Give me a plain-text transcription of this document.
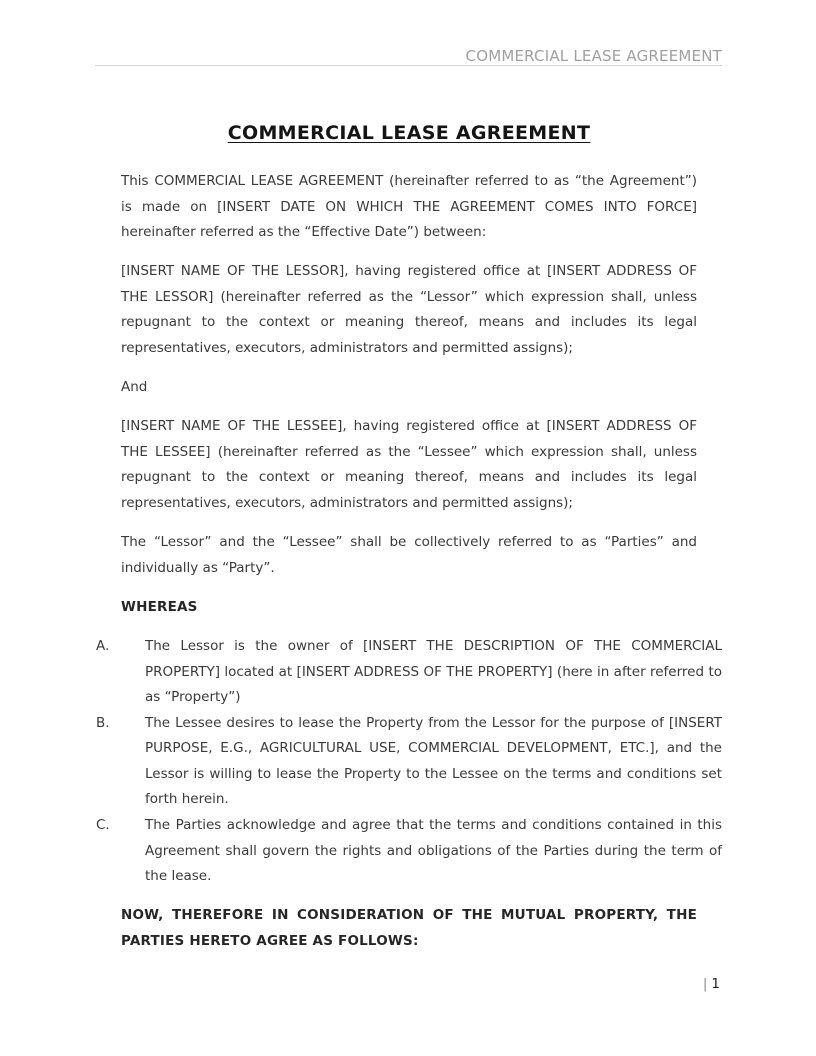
COMMERCIAL LEASE AGREEMENT
COMMERCIAL LEASE AGREEMENT

This COMMERCIAL LEASE AGREEMENT (hereinafter referred to as “the Agreement”) is made on [INSERT DATE ON WHICH THE AGREEMENT COMES INTO FORCE] hereinafter referred as the “Effective Date”) between:

[INSERT NAME OF THE LESSOR], having registered office at [INSERT ADDRESS OF THE LESSOR] (hereinafter referred as the “Lessor” which expression shall, unless repugnant to the context or meaning thereof, means and includes its legal representatives, executors, administrators and permitted assigns);

And

[INSERT NAME OF THE LESSEE], having registered office at [INSERT ADDRESS OF THE LESSEE] (hereinafter referred as the “Lessee” which expression shall, unless repugnant to the context or meaning thereof, means and includes its legal representatives, executors, administrators and permitted assigns);

The “Lessor” and the “Lessee” shall be collectively referred to as “Parties” and individually as “Party”.

WHEREAS

A.	The Lessor is the owner of [INSERT THE DESCRIPTION OF THE COMMERCIAL PROPERTY] located at [INSERT ADDRESS OF THE PROPERTY] (here in after referred to as “Property”)
B.	The Lessee desires to lease the Property from the Lessor for the purpose of [INSERT PURPOSE, E.G., AGRICULTURAL USE, COMMERCIAL DEVELOPMENT, ETC.], and the Lessor is willing to lease the Property to the Lessee on the terms and conditions set forth herein.
C.	The Parties acknowledge and agree that the terms and conditions contained in this Agreement shall govern the rights and obligations of the Parties during the term of the lease.

NOW, THEREFORE IN CONSIDERATION OF THE MUTUAL PROPERTY, THE PARTIES HERETO AGREE AS FOLLOWS:

| 1
